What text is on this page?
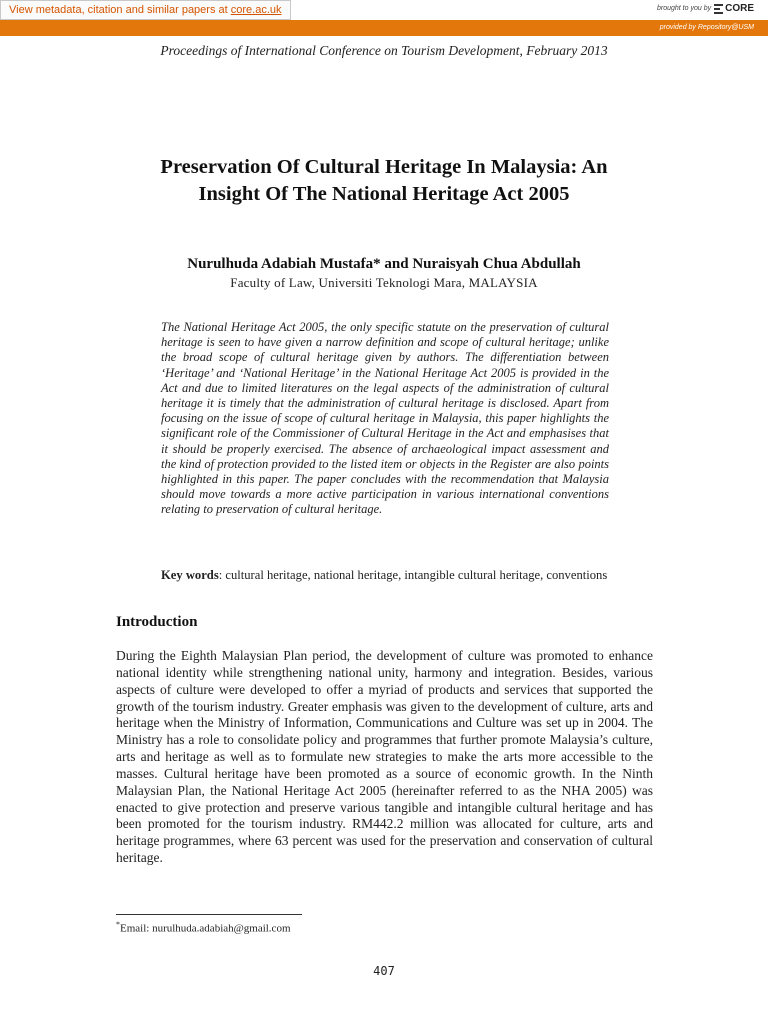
View metadata, citation and similar papers at core.ac.uk	brought to you by CORE
provided by Repository@USM
Proceedings of International Conference on Tourism Development, February 2013
Preservation Of Cultural Heritage In Malaysia: An
Insight Of The National Heritage Act 2005
Nurulhuda Adabiah Mustafa* and Nuraisyah Chua Abdullah
Faculty of Law, Universiti Teknologi Mara, MALAYSIA
The National Heritage Act 2005, the only specific statute on the preservation of cultural heritage is seen to have given a narrow definition and scope of cultural heritage; unlike the broad scope of cultural heritage given by authors. The differentiation between ‘Heritage’ and ‘National Heritage’ in the National Heritage Act 2005 is provided in the Act and due to limited literatures on the legal aspects of the administration of cultural heritage it is timely that the administration of cultural heritage is disclosed. Apart from focusing on the issue of scope of cultural heritage in Malaysia, this paper highlights the significant role of the Commissioner of Cultural Heritage in the Act and emphasises that it should be properly exercised. The absence of archaeological impact assessment and the kind of protection provided to the listed item or objects in the Register are also points highlighted in this paper. The paper concludes with the recommendation that Malaysia should move towards a more active participation in various international conventions relating to preservation of cultural heritage.
Key words: cultural heritage, national heritage, intangible cultural heritage, conventions
Introduction
During the Eighth Malaysian Plan period, the development of culture was promoted to enhance national identity while strengthening national unity, harmony and integration. Besides, various aspects of culture were developed to offer a myriad of products and services that supported the growth of the tourism industry. Greater emphasis was given to the development of culture, arts and heritage when the Ministry of Information, Communications and Culture was set up in 2004. The Ministry has a role to consolidate policy and programmes that further promote Malaysia’s culture, arts and heritage as well as to formulate new strategies to make the arts more accessible to the masses. Cultural heritage have been promoted as a source of economic growth. In the Ninth Malaysian Plan, the National Heritage Act 2005 (hereinafter referred to as the NHA 2005) was enacted to give protection and preserve various tangible and intangible cultural heritage and has been promoted for the tourism industry. RM442.2 million was allocated for culture, arts and heritage programmes, where 63 percent was used for the preservation and conservation of cultural heritage.
*Email: nurulhuda.adabiah@gmail.com
407
